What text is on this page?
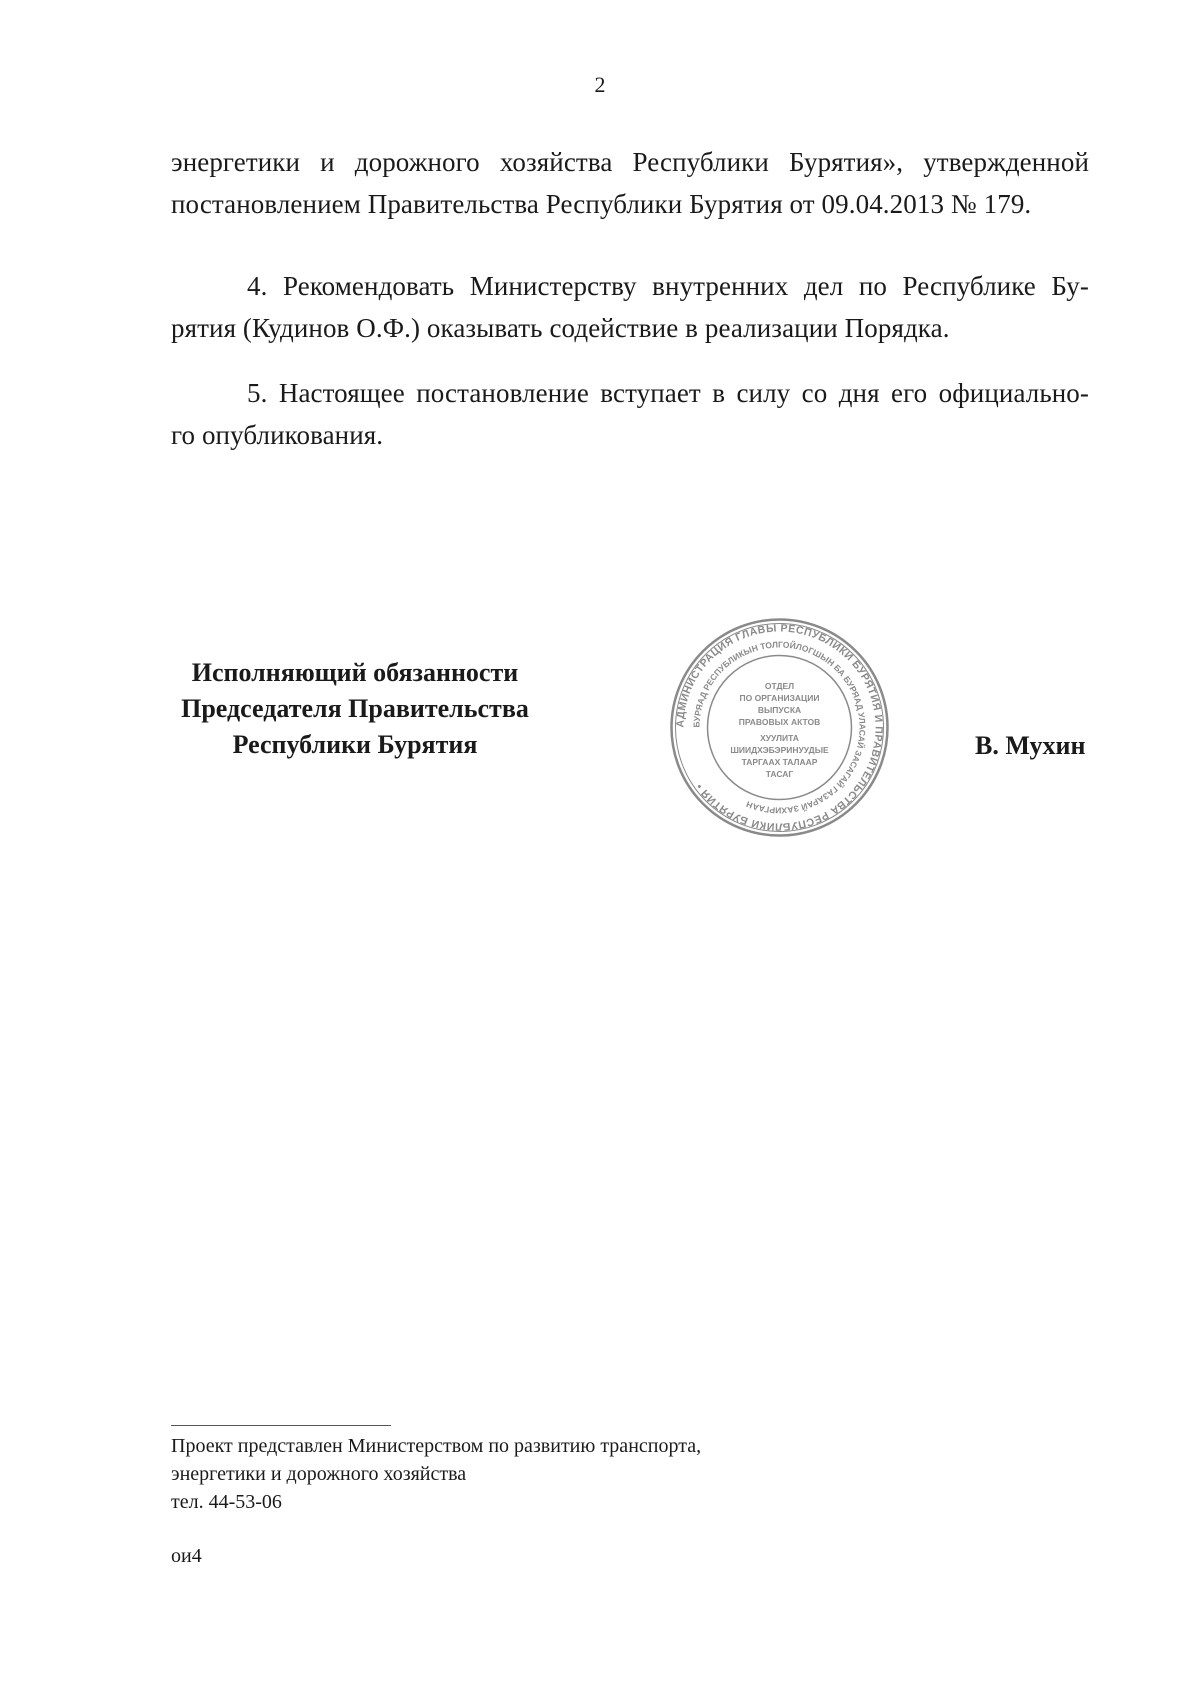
2
энергетики и дорожного хозяйства Республики Бурятия», утвержденной
постановлением Правительства Республики Бурятия от 09.04.2013 № 179.
4. Рекомендовать Министерству внутренних дел по Республике Бу-
рятия (Кудинов О.Ф.) оказывать содействие в реализации Порядка.
5. Настоящее постановление вступает в силу со дня его официально-
го опубликования.
Исполняющий обязанности
Председателя Правительства
Республики Бурятия
АДМИНИСТРАЦИЯ ГЛАВЫ РЕСПУБЛИКИ БУРЯТИЯ И ПРАВИТЕЛЬСТВА РЕСПУБЛИКИ БУРЯТИЯ •
БУРЯАД РЕСПУБЛИКЫН ТОЛГОЙЛОГШЫН БА БУРЯАД УЛАСАЙ ЗАСАГАЙ ГАЗАРАЙ ЗАХИРГААН
ОТДЕЛ
ПО ОРГАНИЗАЦИИ
ВЫПУСКА
ПРАВОВЫХ АКТОВ
ХУУЛИТА
ШИИДХЭБЭРИНУУДЫЕ
ТАРГААХ ТАЛААР
ТАСАГ
В. Мухин
Проект представлен Министерством по развитию транспорта,
энергетики и дорожного хозяйства
тел. 44-53-06
ои4
